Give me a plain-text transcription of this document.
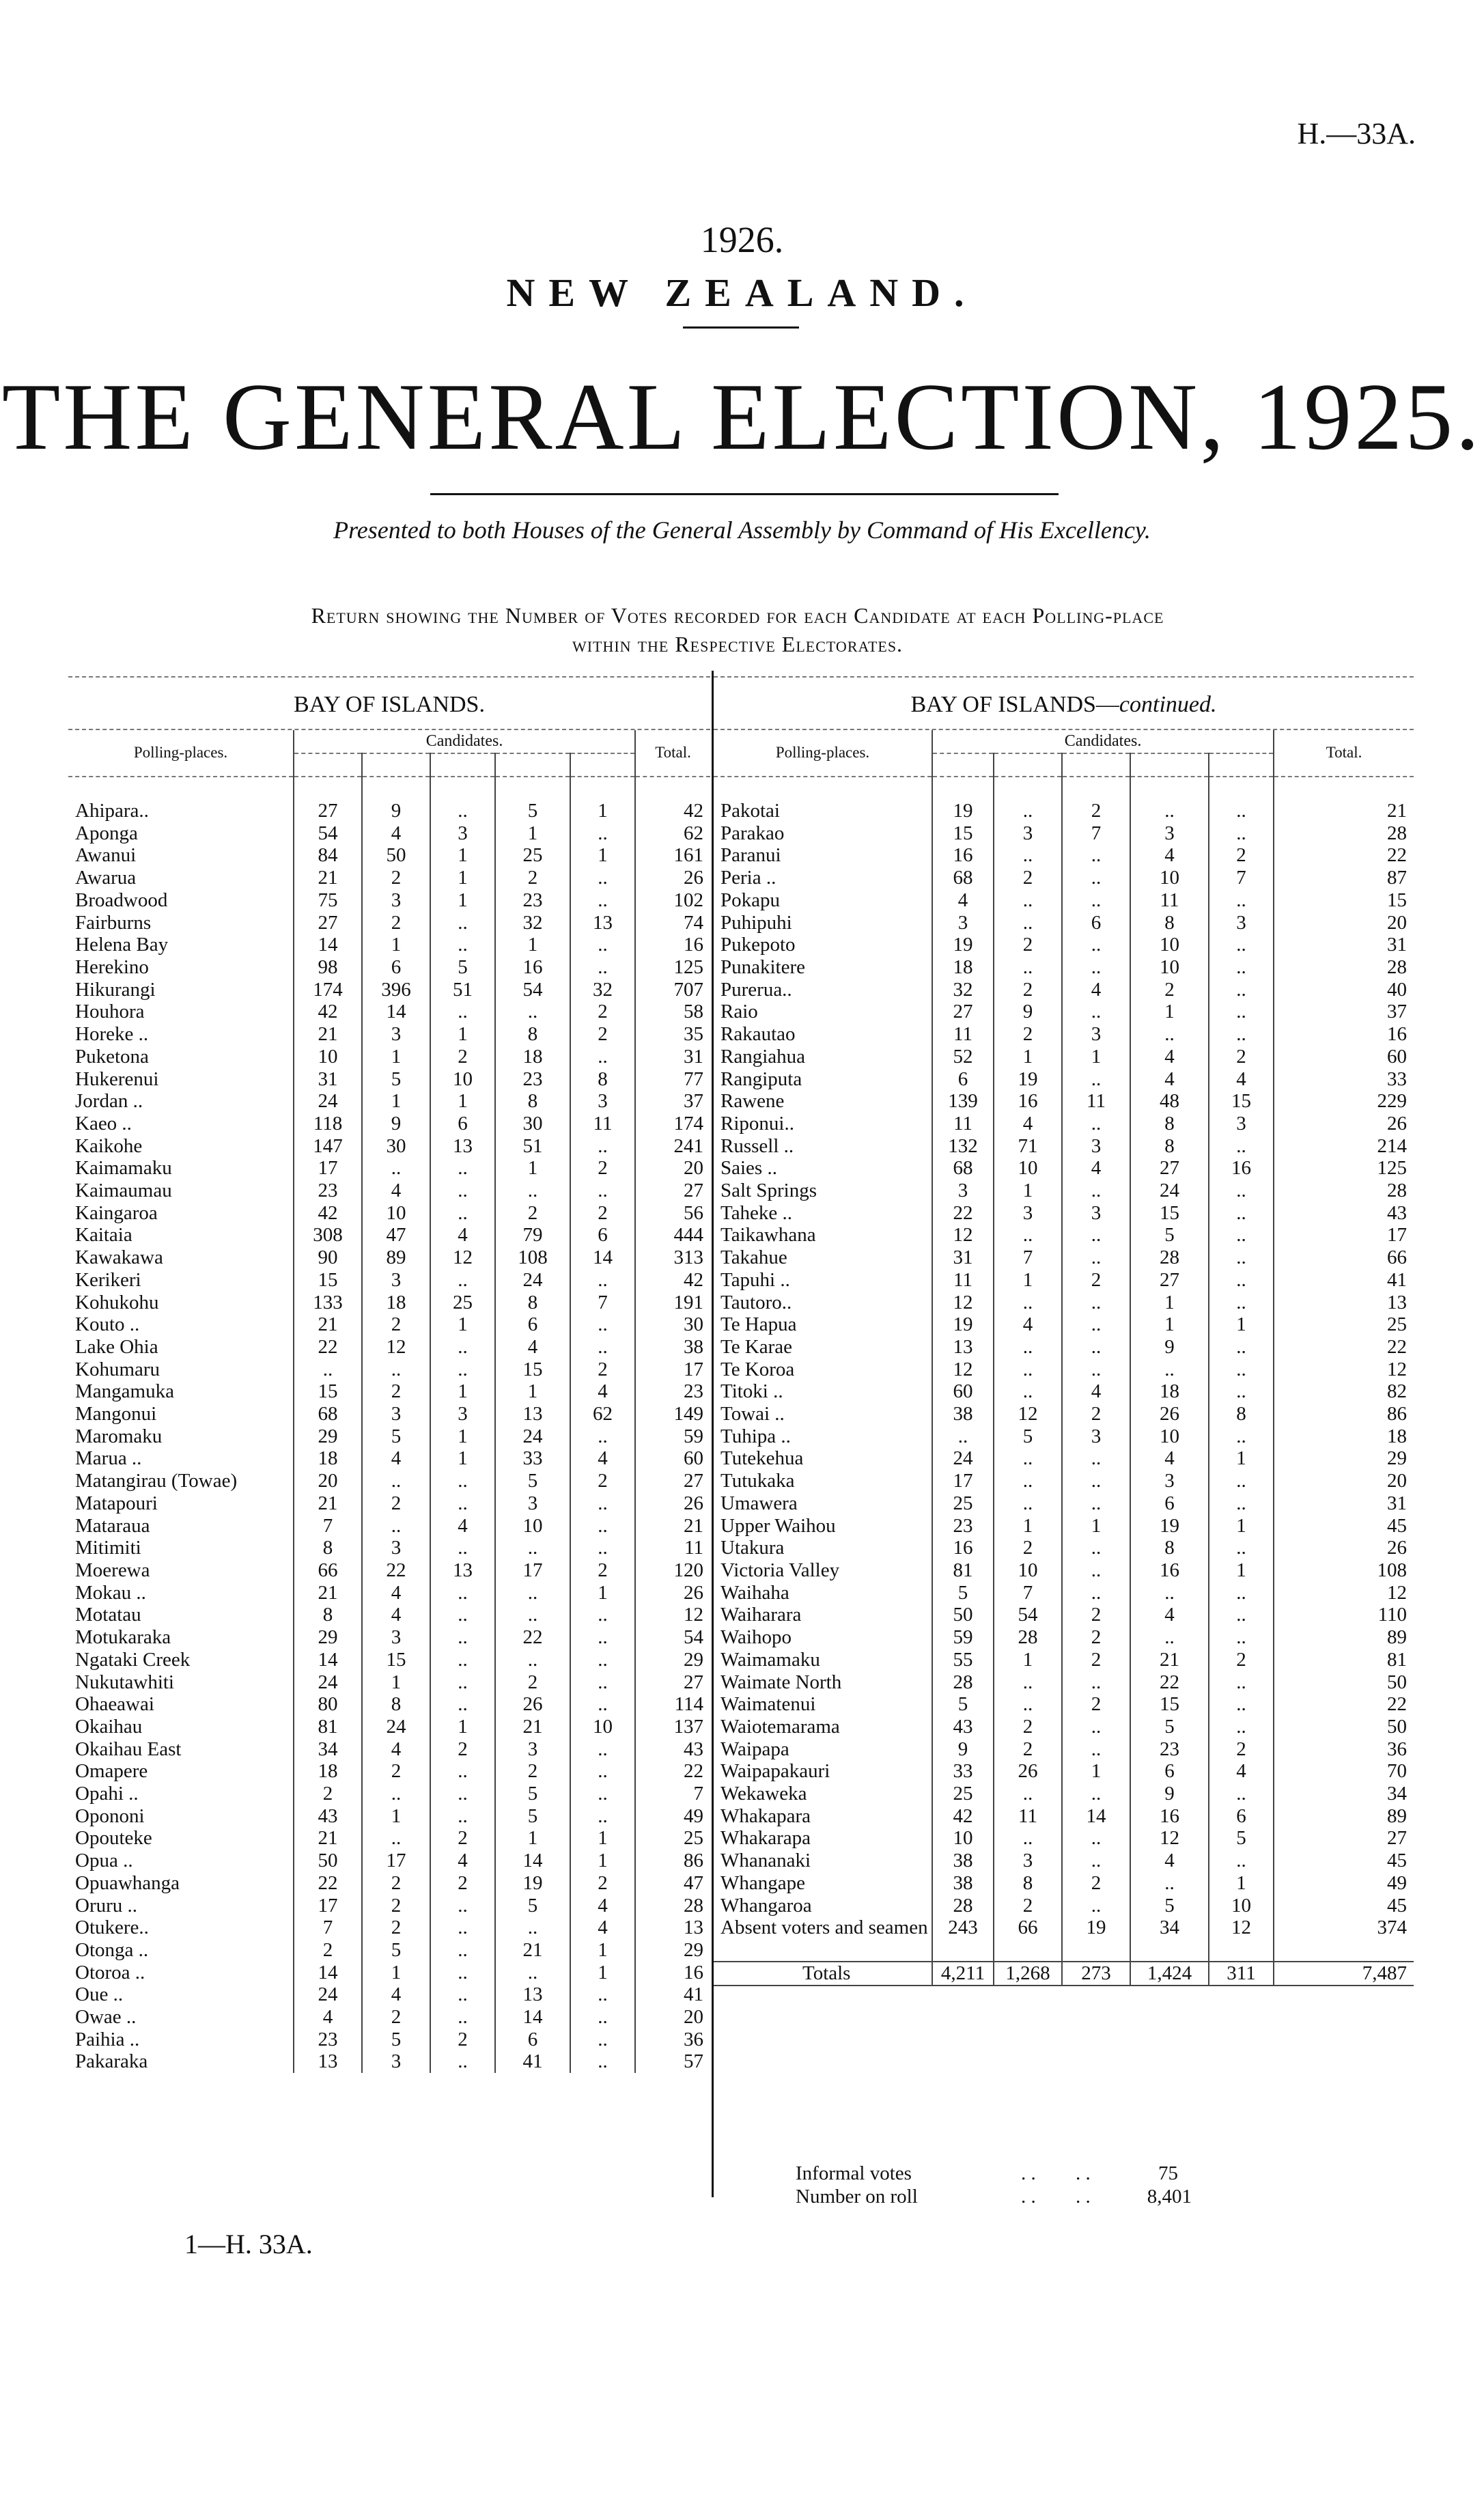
H.—33A.
1926.
NEW ZEALAND.
THE GENERAL ELECTION, 1925.
Presented to both Houses of the General Assembly by Command of His Excellency.
Return showing the Number of Votes recorded for each Candidate at each Polling-place
within the Respective Electorates.
BAY OF ISLANDS.
Polling-places.	Candidates.					Total.

Ahipara..	27	9	..	5	1	42
Aponga	54	4	3	1	..	62
Awanui	84	50	1	25	1	161
Awarua	21	2	1	2	..	26
Broadwood	75	3	1	23	..	102
Fairburns	27	2	..	32	13	74
Helena Bay	14	1	..	1	..	16
Herekino	98	6	5	16	..	125
Hikurangi	174	396	51	54	32	707
Houhora	42	14	..	..	2	58
Horeke ..	21	3	1	8	2	35
Puketona	10	1	2	18	..	31
Hukerenui	31	5	10	23	8	77
Jordan ..	24	1	1	8	3	37
Kaeo ..	118	9	6	30	11	174
Kaikohe	147	30	13	51	..	241
Kaimamaku	17	..	..	1	2	20
Kaimaumau	23	4	..	..	..	27
Kaingaroa	42	10	..	2	2	56
Kaitaia	308	47	4	79	6	444
Kawakawa	90	89	12	108	14	313
Kerikeri	15	3	..	24	..	42
Kohukohu	133	18	25	8	7	191
Kouto ..	21	2	1	6	..	30
Lake Ohia	22	12	..	4	..	38
Kohumaru	..	..	..	15	2	17
Mangamuka	15	2	1	1	4	23
Mangonui	68	3	3	13	62	149
Maromaku	29	5	1	24	..	59
Marua ..	18	4	1	33	4	60
Matangirau (Towae)	20	..	..	5	2	27
Matapouri	21	2	..	3	..	26
Mataraua	7	..	4	10	..	21
Mitimiti	8	3	..	..	..	11
Moerewa	66	22	13	17	2	120
Mokau ..	21	4	..	..	1	26
Motatau	8	4	..	..	..	12
Motukaraka	29	3	..	22	..	54
Ngataki Creek	14	15	..	..	..	29
Nukutawhiti	24	1	..	2	..	27
Ohaeawai	80	8	..	26	..	114
Okaihau	81	24	1	21	10	137
Okaihau East	34	4	2	3	..	43
Omapere	18	2	..	2	..	22
Opahi ..	2	..	..	5	..	7
Opononi	43	1	..	5	..	49
Opouteke	21	..	2	1	1	25
Opua ..	50	17	4	14	1	86
Opuawhanga	22	2	2	19	2	47
Oruru ..	17	2	..	5	4	28
Otukere..	7	2	..	..	4	13
Otonga ..	2	5	..	21	1	29
Otoroa ..	14	1	..	..	1	16
Oue ..	24	4	..	13	..	41
Owae ..	4	2	..	14	..	20
Paihia ..	23	5	2	6	..	36
Pakaraka	13	3	..	41	..	57
BAY OF ISLANDS—continued.
Polling-places.	Candidates.					Total.

Pakotai	19	..	2	..	..	21
Parakao	15	3	7	3	..	28
Paranui	16	..	..	4	2	22
Peria ..	68	2	..	10	7	87
Pokapu	4	..	..	11	..	15
Puhipuhi	3	..	6	8	3	20
Pukepoto	19	2	..	10	..	31
Punakitere	18	..	..	10	..	28
Purerua..	32	2	4	2	..	40
Raio	27	9	..	1	..	37
Rakautao	11	2	3	..	..	16
Rangiahua	52	1	1	4	2	60
Rangiputa	6	19	..	4	4	33
Rawene	139	16	11	48	15	229
Riponui..	11	4	..	8	3	26
Russell ..	132	71	3	8	..	214
Saies ..	68	10	4	27	16	125
Salt Springs	3	1	..	24	..	28
Taheke ..	22	3	3	15	..	43
Taikawhana	12	..	..	5	..	17
Takahue	31	7	..	28	..	66
Tapuhi ..	11	1	2	27	..	41
Tautoro..	12	..	..	1	..	13
Te Hapua	19	4	..	1	1	25
Te Karae	13	..	..	9	..	22
Te Koroa	12	..	..	..	..	12
Titoki ..	60	..	4	18	..	82
Towai ..	38	12	2	26	8	86
Tuhipa ..	..	5	3	10	..	18
Tutekehua	24	..	..	4	1	29
Tutukaka	17	..	..	3	..	20
Umawera	25	..	..	6	..	31
Upper Waihou	23	1	1	19	1	45
Utakura	16	2	..	8	..	26
Victoria Valley	81	10	..	16	1	108
Waihaha	5	7	..	..	..	12
Waiharara	50	54	2	4	..	110
Waihopo	59	28	2	..	..	89
Waimamaku	55	1	2	21	2	81
Waimate North	28	..	..	22	..	50
Waimatenui	5	..	2	15	..	22
Waiotemarama	43	2	..	5	..	50
Waipapa	9	2	..	23	2	36
Waipapakauri	33	26	1	6	4	70
Wekaweka	25	..	..	9	..	34
Whakapara	42	11	14	16	6	89
Whakarapa	10	..	..	12	5	27
Whananaki	38	3	..	4	..	45
Whangape	38	8	2	..	1	49
Whangaroa	28	2	..	5	10	45
Absent voters and seamen	243	66	19	34	12	374
Totals	4,211	1,268	273	1,424	311	7,487
Informal votes	. . . .	75
Number on roll	. . . .	8,401
1—H. 33A.
